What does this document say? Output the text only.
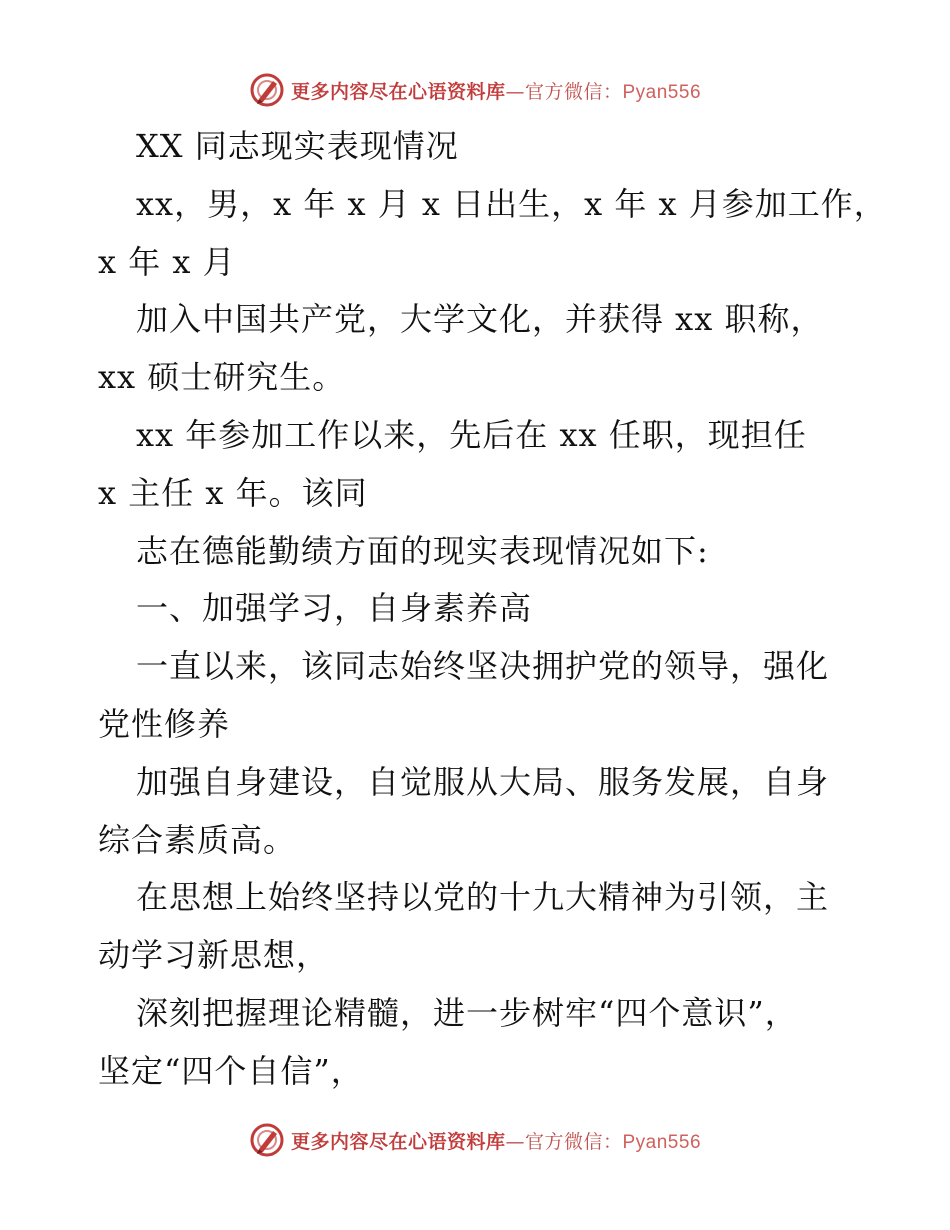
更多内容尽在心语资料库—官方微信：Pyan556
XX 同志现实表现情况
xx，男，x 年 x 月 x 日出生，x 年 x 月参加工作，
x 年 x 月
加入中国共产党，大学文化，并获得 xx 职称，
xx 硕士研究生。
xx 年参加工作以来，先后在 xx 任职，现担任
x 主任 x 年。该同
志在德能勤绩方面的现实表现情况如下:
一、加强学习，自身素养高
一直以来，该同志始终坚决拥护党的领导，强化
党性修养
加强自身建设，自觉服从大局、服务发展，自身
综合素质高。
在思想上始终坚持以党的十九大精神为引领，主
动学习新思想，
深刻把握理论精髓，进一步树牢“四个意识”，
坚定“四个自信”，
更多内容尽在心语资料库—官方微信：Pyan556
